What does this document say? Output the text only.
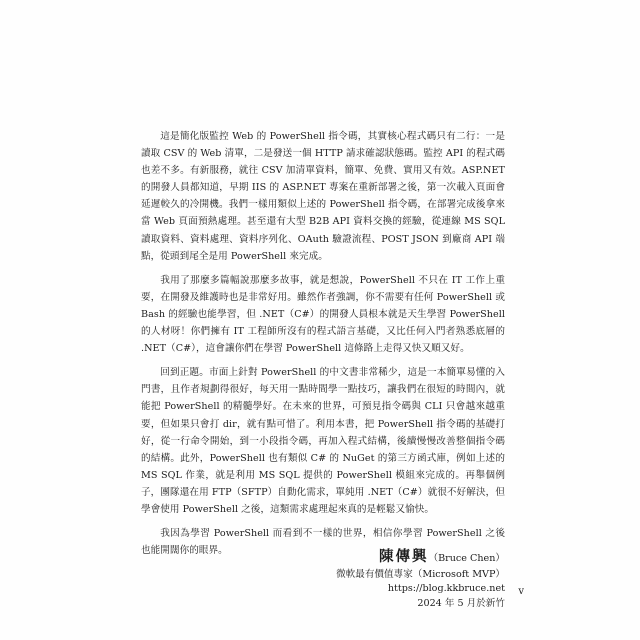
這是簡化版監控 Web 的 PowerShell 指令碼，其實核心程式碼只有二行：一是讀取 CSV 的 Web 清單，二是發送一個 HTTP 請求確認狀態碼。監控 API 的程式碼也差不多。有新服務，就往 CSV 加清單資料，簡單、免費、實用又有效。ASP.NET 的開發人員都知道，早期 IIS 的 ASP.NET 專案在重新部署之後，第一次載入頁面會延遲較久的冷開機。我們一樣用類似上述的 PowerShell 指令碼，在部署完成後拿來當 Web 頁面預熱處理。甚至還有大型 B2B API 資料交換的經驗，從連線 MS SQL 讀取資料、資料處理、資料序列化、OAuth 驗證流程、POST JSON 到廠商 API 端點，從頭到尾全是用 PowerShell 來完成。

我用了那麼多篇幅說那麼多故事，就是想說，PowerShell 不只在 IT 工作上重要，在開發及維護時也是非常好用。雖然作者強調，你不需要有任何 PowerShell 或 Bash 的經驗也能學習，但 .NET（C#）的開發人員根本就是天生學習 PowerShell 的人材呀！你們擁有 IT 工程師所沒有的程式語言基礎，又比任何入門者熟悉底層的 .NET（C#），這會讓你們在學習 PowerShell 這條路上走得又快又順又好。

回到正題。市面上針對 PowerShell 的中文書非常稀少，這是一本簡單易懂的入門書，且作者規劃得很好，每天用一點時間學一點技巧，讓我們在很短的時間內，就能把 PowerShell 的精髓學好。在未來的世界，可預見指令碼與 CLI 只會越來越重要，但如果只會打 dir，就有點可惜了。利用本書，把 PowerShell 指令碼的基礎打好，從一行命令開始，到一小段指令碼，再加入程式結構，後續慢慢改善整個指令碼的結構。此外，PowerShell 也有類似 C# 的 NuGet 的第三方函式庫，例如上述的 MS SQL 作業，就是利用 MS SQL 提供的 PowerShell 模組來完成的。再舉個例子，團隊還在用 FTP（SFTP）自動化需求，單純用 .NET（C#）就很不好解決，但學會使用 PowerShell 之後，這類需求處理起來真的是輕鬆又愉快。

我因為學習 PowerShell 而看到不一樣的世界，相信你學習 PowerShell 之後也能開闊你的眼界。	陳傳興（Bruce Chen）
微軟最有價值專家（Microsoft MVP）
https://blog.kkbruce.net
2024 年 5 月於新竹
v
